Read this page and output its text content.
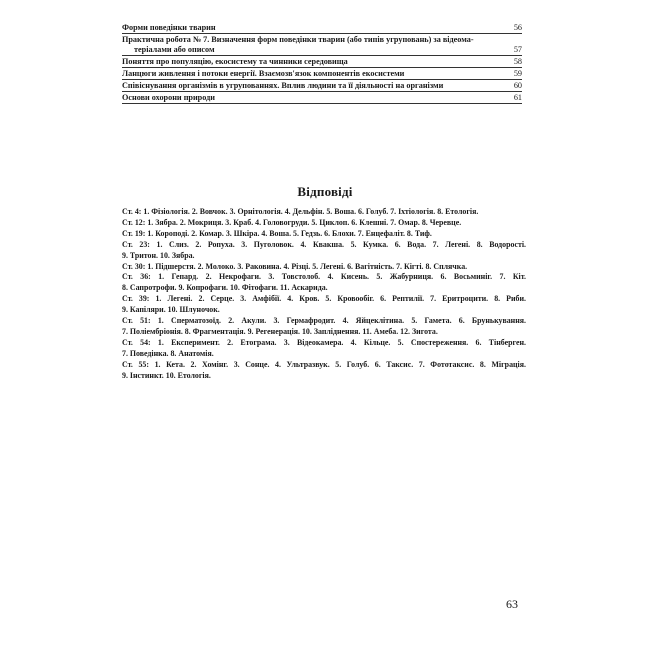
Форми поведінки тварин	56
Практична робота № 7. Визначення форм поведінки тварин (або типів угруповань) за відеома-
теріалами або описом	57
Поняття про популяцію, екосистему та чинники середовища	58
Ланцюги живлення і потоки енергії. Взаємозв'язок компонентів екосистеми	59
Співіснування організмів в угрупованнях. Вплив людини та її діяльності на організми	60
Основи охорони природи	61
Відповіді
Ст. 4: 1. Фізіологія. 2. Вовчок. 3. Орнітологія. 4. Дельфін. 5. Вошa. 6. Голуб. 7. Іхтіологія. 8. Етологія.
Ст. 12: 1. Зябра. 2. Мокриця. 3. Краб. 4. Головогруди. 5. Циклоп. 6. Клешні. 7. Омар. 8. Черевце.
Ст. 19: 1. Короподі. 2. Комар. 3. Шкіра. 4. Воша. 5. Гедзь. 6. Блохи. 7. Енцефаліт. 8. Тиф.
Ст. 23: 1. Слиз. 2. Ропуха. 3. Пуголовок. 4. Квакша. 5. Кумка. 6. Вода. 7. Легені. 8. Водорості.
9. Тритон. 10. Зябра.
Ст. 30: 1. Підшерстя. 2. Молоко. 3. Раковина. 4. Різці. 5. Легені. 6. Вагітність. 7. Кігті. 8. Сплячка.
Ст. 36: 1. Гепард. 2. Некрофаги. 3. Товстолоб. 4. Кисень. 5. Жабурниця. 6. Восьминіг. 7. Кіт.
8. Сапротрофи. 9. Копрофаги. 10. Фітофаги. 11. Аскарида.
Ст. 39: 1. Легені. 2. Серце. 3. Амфібії. 4. Кров. 5. Кровообіг. 6. Рептилії. 7. Еритроцити. 8. Риби.
9. Капіляри. 10. Шлуночок.
Ст. 51: 1. Сперматозоїд. 2. Акули. 3. Гермафродит. 4. Яйцеклітина. 5. Гамета. 6. Брунькування.
7. Поліембріонія. 8. Фрагментація. 9. Регенерація. 10. Запліднення. 11. Амеба. 12. Зигота.
Ст. 54: 1. Експеримент. 2. Етограма. 3. Відеокамера. 4. Кільце. 5. Спостереження. 6. Тінберген.
7. Поведінка. 8. Анатомія.
Ст. 55: 1. Кета. 2. Хомінг. 3. Сонце. 4. Ультразвук. 5. Голуб. 6. Таксис. 7. Фототаксис. 8. Міграція.
9. Інстинкт. 10. Етологія.
63
